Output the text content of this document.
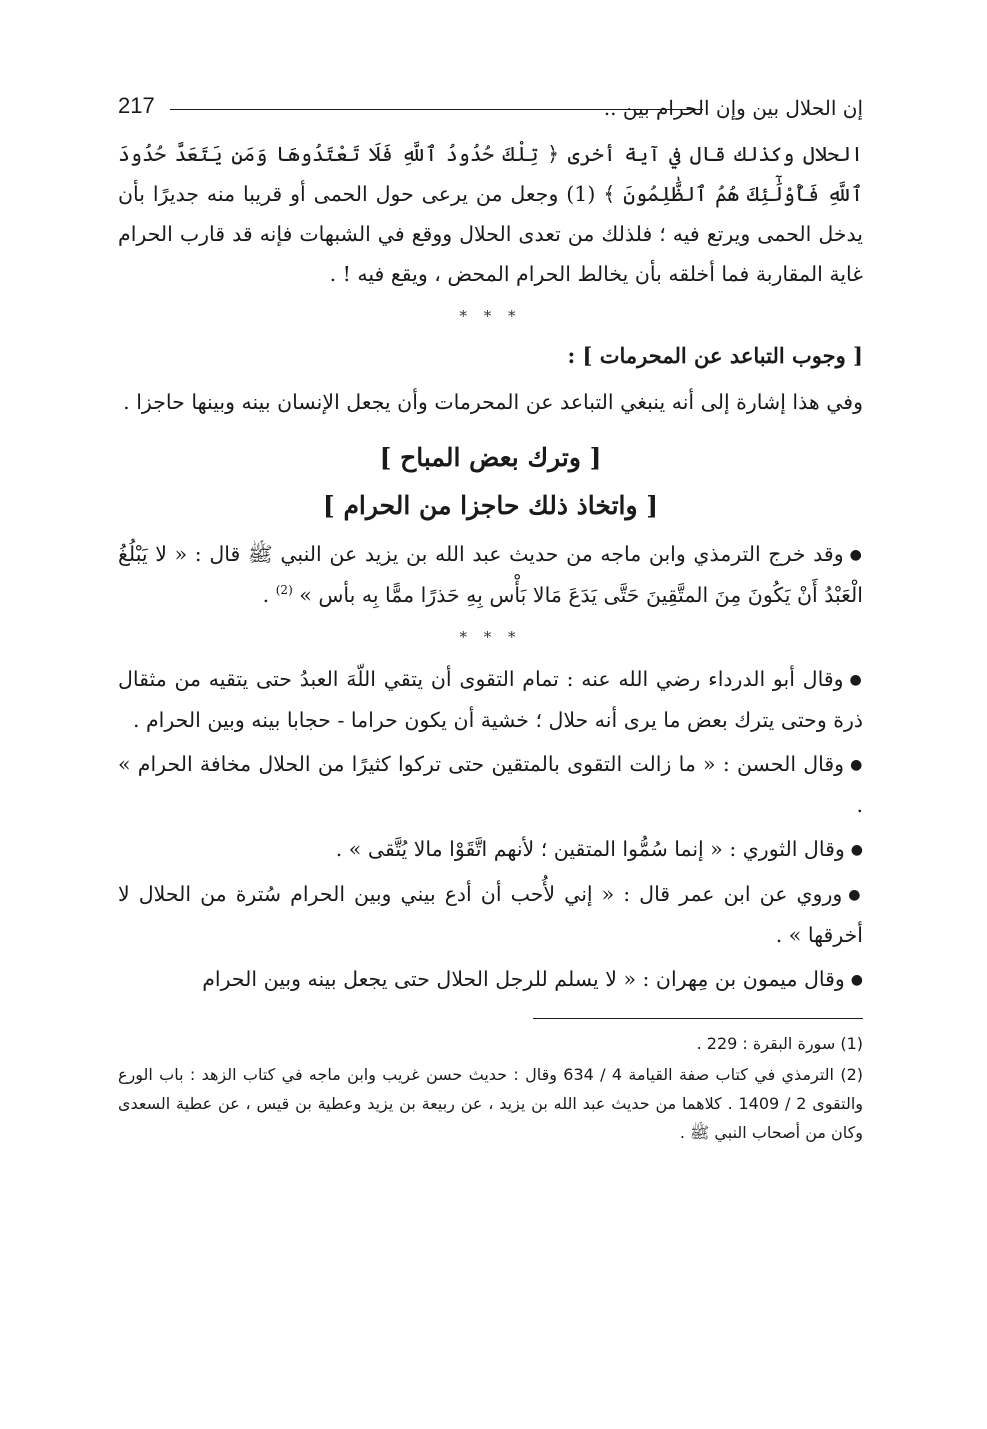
إن الحلال بين وإن الحرام بين ..
217

الحلال وكذلك قال في آية أخرى ﴿ تِلْكَ حُدُودُ ٱللَّهِ فَلَا تَعْتَدُوهَا وَمَن يَتَعَدَّ حُدُودَ ٱللَّهِ فَأُوْلَٰٓئِكَ هُمُ ٱلظَّٰلِمُونَ ﴾ (1) وجعل من يرعى حول الحمى أو قريبا منه جديرًا بأن يدخل الحمى ويرتع فيه ؛ فلذلك من تعدى الحلال ووقع في الشبهات فإنه قد قارب الحرام غاية المقاربة فما أخلقه بأن يخالط الحرام المحض ، ويقع فيه ! .

* * *

[ وجوب التباعد عن المحرمات ] :

وفي هذا إشارة إلى أنه ينبغي التباعد عن المحرمات وأن يجعل الإنسان بينه وبينها حاجزا .

[ وترك بعض المباح ]
[ واتخاذ ذلك حاجزا من الحرام ]

●وقد خرج الترمذي وابن ماجه من حديث عبد الله بن يزيد عن النبي ﷺ قال : « لا يَبْلُغُ الْعَبْدُ أَنْ يَكُونَ مِنَ المتَّقِينَ حَتَّى يَدَعَ مَالا بَأْس بِهِ حَذرًا ممًّا بِه بأس » $^{(2)}$ .

* * *

●وقال أبو الدرداء رضي الله عنه : تمام التقوى أن يتقي اللّهَ العبدُ حتى يتقيه من مثقال ذرة وحتى يترك بعض ما يرى أنه حلال ؛ خشية أن يكون حراما - حجابا بينه وبين الحرام .

●وقال الحسن : « ما زالت التقوى بالمتقين حتى تركوا كثيرًا من الحلال مخافة الحرام » .

●وقال الثوري : « إنما سُمُّوا المتقين ؛ لأنهم اتَّقَوْا مالا يُتَّقى » .

●وروي عن ابن عمر قال : « إني لأُحب أن أدع بيني وبين الحرام سُترة من الحلال لا أخرقها » .

●وقال ميمون بن مِهران : « لا يسلم للرجل الحلال حتى يجعل بينه وبين الحرام

(1) سورة البقرة : 229 .

(2) الترمذي في كتاب صفة القيامة 4 / 634 وقال : حديث حسن غريب وابن ماجه في كتاب الزهد : باب الورع والتقوى 2 / 1409 . كلاهما من حديث عبد الله بن يزيد ، عن ربيعة بن يزيد وعطية بن قيس ، عن عطية السعدى وكان من أصحاب النبي ﷺ .
